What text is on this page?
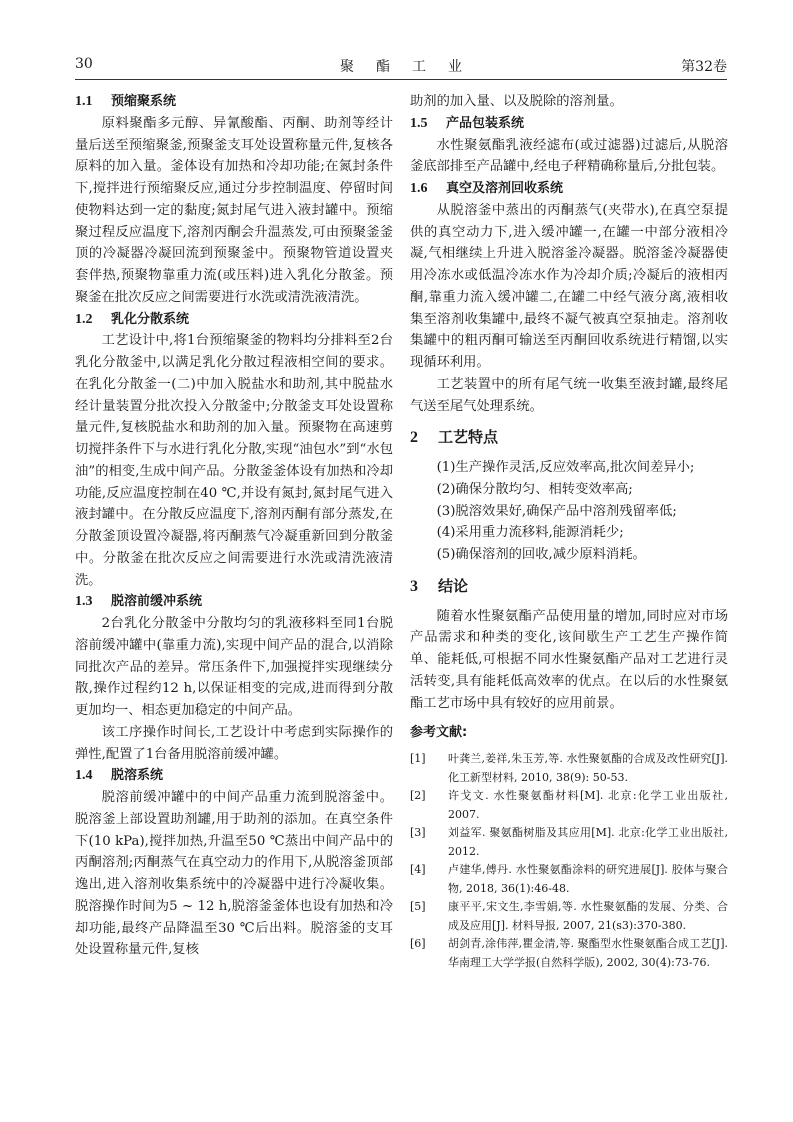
30	聚酯工业	第32卷
1.1 预缩聚系统

原料聚酯多元醇、异氰酸酯、丙酮、助剂等经计量后送至预缩聚釜,预聚釜支耳处设置称量元件,复核各原料的加入量。釜体设有加热和冷却功能;在氮封条件下,搅拌进行预缩聚反应,通过分步控制温度、停留时间使物料达到一定的黏度;氮封尾气进入液封罐中。预缩聚过程反应温度下,溶剂丙酮会升温蒸发,可由预聚釜釜顶的冷凝器冷凝回流到预聚釜中。预聚物管道设置夹套伴热,预聚物靠重力流(或压料)进入乳化分散釜。预聚釜在批次反应之间需要进行水洗或清洗液清洗。

1.2 乳化分散系统

工艺设计中,将1台预缩聚釜的物料均分排料至2台乳化分散釜中,以满足乳化分散过程液相空间的要求。在乳化分散釜一(二)中加入脱盐水和助剂,其中脱盐水经计量装置分批次投入分散釜中;分散釜支耳处设置称量元件,复核脱盐水和助剂的加入量。预聚物在高速剪切搅拌条件下与水进行乳化分散,实现“油包水”到“水包油”的相变,生成中间产品。分散釜釜体设有加热和冷却功能,反应温度控制在40 ℃,并设有氮封,氮封尾气进入液封罐中。在分散反应温度下,溶剂丙酮有部分蒸发,在分散釜顶设置冷凝器,将丙酮蒸气冷凝重新回到分散釜中。分散釜在批次反应之间需要进行水洗或清洗液清洗。

1.3 脱溶前缓冲系统

2台乳化分散釜中分散均匀的乳液移料至同1台脱溶前缓冲罐中(靠重力流),实现中间产品的混合,以消除同批次产品的差异。常压条件下,加强搅拌实现继续分散,操作过程约12 h,以保证相变的完成,进而得到分散更加均一、相态更加稳定的中间产品。

该工序操作时间长,工艺设计中考虑到实际操作的弹性,配置了1台备用脱溶前缓冲罐。

1.4 脱溶系统

脱溶前缓冲罐中的中间产品重力流到脱溶釜中。脱溶釜上部设置助剂罐,用于助剂的添加。在真空条件下(10 kPa),搅拌加热,升温至50 ℃蒸出中间产品中的丙酮溶剂;丙酮蒸气在真空动力的作用下,从脱溶釜顶部逸出,进入溶剂收集系统中的冷凝器中进行冷凝收集。脱溶操作时间为5 ~ 12 h,脱溶釜釜体也设有加热和冷却功能,最终产品降温至30 ℃后出料。脱溶釜的支耳处设置称量元件,复核

助剂的加入量、以及脱除的溶剂量。

1.5 产品包装系统

水性聚氨酯乳液经滤布(或过滤器)过滤后,从脱溶釜底部排至产品罐中,经电子秤精确称量后,分批包装。

1.6 真空及溶剂回收系统

从脱溶釜中蒸出的丙酮蒸气(夹带水),在真空泵提供的真空动力下,进入缓冲罐一,在罐一中部分液相冷凝,气相继续上升进入脱溶釜冷凝器。脱溶釜冷凝器使用冷冻水或低温冷冻水作为冷却介质;冷凝后的液相丙酮,靠重力流入缓冲罐二,在罐二中经气液分离,液相收集至溶剂收集罐中,最终不凝气被真空泵抽走。溶剂收集罐中的粗丙酮可输送至丙酮回收系统进行精馏,以实现循环利用。

工艺装置中的所有尾气统一收集至液封罐,最终尾气送至尾气处理系统。

2 工艺特点

(1)生产操作灵活,反应效率高,批次间差异小;

(2)确保分散均匀、相转变效率高;

(3)脱溶效果好,确保产品中溶剂残留率低;

(4)采用重力流移料,能源消耗少;

(5)确保溶剂的回收,减少原料消耗。

3 结论

随着水性聚氨酯产品使用量的增加,同时应对市场产品需求和种类的变化,该间歇生产工艺生产操作简单、能耗低,可根据不同水性聚氨酯产品对工艺进行灵活转变,具有能耗低高效率的优点。在以后的水性聚氨酯工艺市场中具有较好的应用前景。

参考文献:

[1] 叶龚兰,姜祥,朱玉芳,等. 水性聚氨酯的合成及改性研究[J]. 化工新型材料, 2010, 38(9): 50-53.

[2] 许戈文. 水性聚氨酯材料[M]. 北京:化学工业出版社, 2007.

[3] 刘益军. 聚氨酯树脂及其应用[M]. 北京:化学工业出版社, 2012.

[4] 卢建华,傅丹. 水性聚氨酯涂料的研究进展[J]. 胶体与聚合物, 2018, 36(1):46-48.

[5] 康平平,宋文生,李雪娟,等. 水性聚氨酯的发展、分类、合成及应用[J]. 材料导报, 2007, 21(s3):370-380.

[6] 胡剑青,涂伟萍,瞿金清,等. 聚酯型水性聚氨酯合成工艺[J]. 华南理工大学学报(自然科学版), 2002, 30(4):73-76.
